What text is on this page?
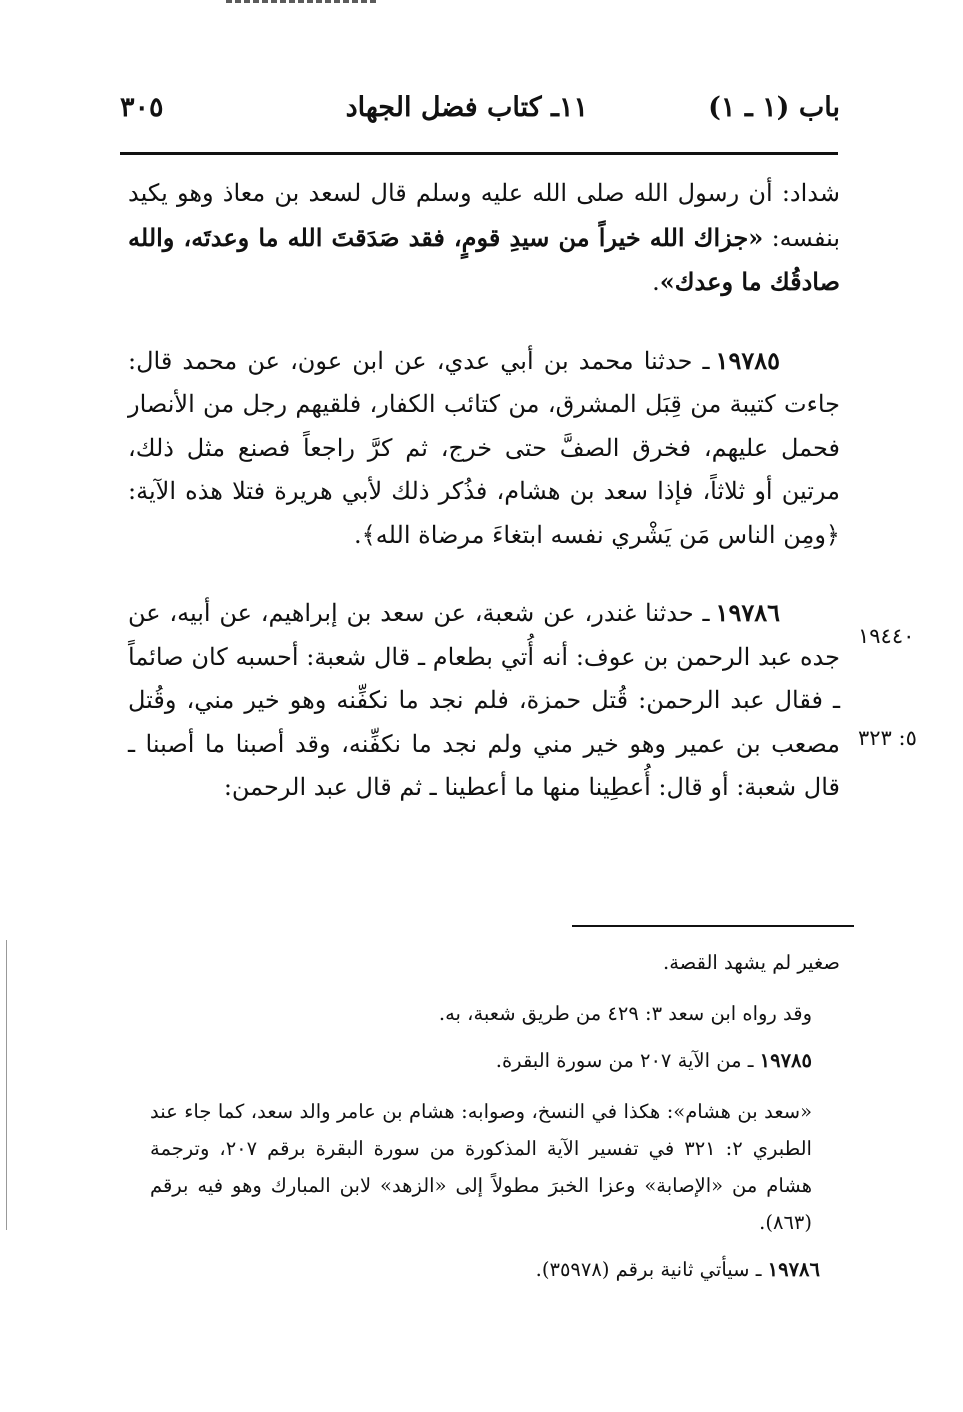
باب (١ ـ ١)
١١ـ كتاب فضل الجهاد
٣٠٥

شداد: أن رسول الله صلى الله عليه وسلم قال لسعد بن معاذ وهو يكيد بنفسه: «جزاك الله خيراً من سيدِ قومٍ، فقد صَدَقتَ الله ما وعدتَه، والله صادقُك ما وعدك».

١٩٧٨٥ـ حدثنا محمد بن أبي عدي، عن ابن عون، عن محمد قال: جاءت كتيبة من قِبَل المشرق، من كتائب الكفار، فلقيهم رجل من الأنصار فحمل عليهم، فخرق الصفَّ حتى خرج، ثم كرَّ راجعاً فصنع مثل ذلك، مرتين أو ثلاثاً، فإذا سعد بن هشام، فذُكر ذلك لأبي هريرة فتلا هذه الآية: ﴿ومِن الناس مَن يَشْري نفسه ابتغاءَ مرضاة الله﴾.

١٩٧٨٦ـ حدثنا غندر، عن شعبة، عن سعد بن إبراهيم، عن أبيه، عن جده عبد الرحمن بن عوف: أنه أُتي بطعام ـ قال شعبة: أحسبه كان صائماً ـ فقال عبد الرحمن: قُتل حمزة، فلم نجد ما نكفِّنه وهو خير مني، وقُتل مصعب بن عمير وهو خير مني ولم نجد ما نكفِّنه، وقد أصبنا ما أصبنا ـ قال شعبة: أو قال: أُعطِينا منها ما أعطينا ـ ثم قال عبد الرحمن:

١٩٤٤٠
٥: ٣٢٣

صغير لم يشهد القصة.

وقد رواه ابن سعد ٣: ٤٢٩ من طريق شعبة، به.

١٩٧٨٥ ـ من الآية ٢٠٧ من سورة البقرة.

«سعد بن هشام»: هكذا في النسخ، وصوابه: هشام بن عامر والد سعد، كما جاء عند الطبري ٢: ٣٢١ في تفسير الآية المذكورة من سورة البقرة برقم ٢٠٧، وترجمة هشام من «الإصابة» وعزا الخبرَ مطولاً إلى «الزهد» لابن المبارك وهو فيه برقم (٨٦٣).

١٩٧٨٦ ـ سيأتي ثانية برقم (٣٥٩٧٨).
